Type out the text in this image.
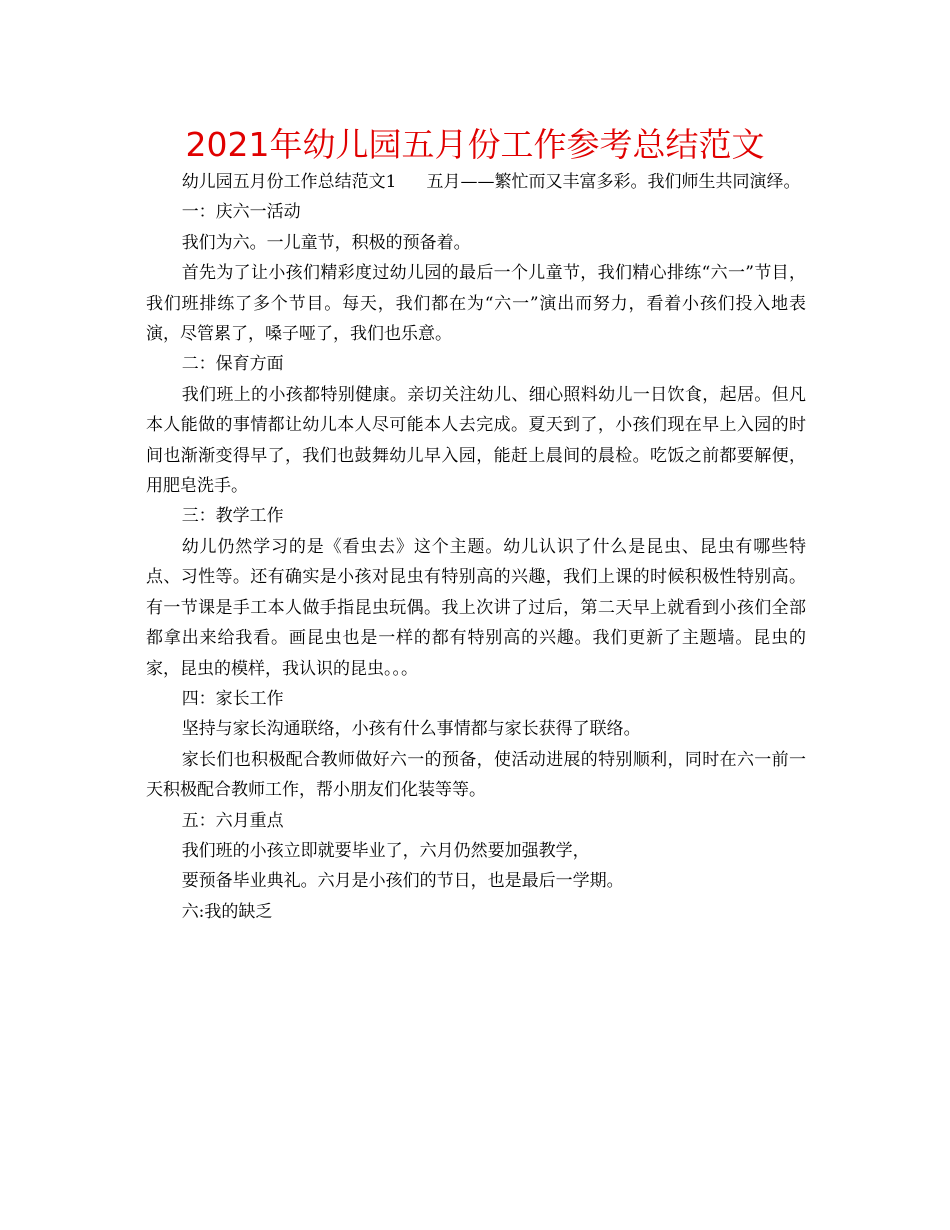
2021年幼儿园五月份工作参考总结范文

幼儿园五月份工作总结范文1 五月——繁忙而又丰富多彩。我们师生共同演绎。

一：庆六一活动

我们为六。一儿童节，积极的预备着。

首先为了让小孩们精彩度过幼儿园的最后一个儿童节，我们精心排练“六一”节目，我们班排练了多个节目。每天，我们都在为“六一”演出而努力，看着小孩们投入地表演，尽管累了，嗓子哑了，我们也乐意。

二：保育方面

我们班上的小孩都特别健康。亲切关注幼儿、细心照料幼儿一日饮食，起居。但凡本人能做的事情都让幼儿本人尽可能本人去完成。夏天到了，小孩们现在早上入园的时间也渐渐变得早了，我们也鼓舞幼儿早入园，能赶上晨间的晨检。吃饭之前都要解便，用肥皂洗手。

三：教学工作

幼儿仍然学习的是《看虫去》这个主题。幼儿认识了什么是昆虫、昆虫有哪些特点、习性等。还有确实是小孩对昆虫有特别高的兴趣，我们上课的时候积极性特别高。有一节课是手工本人做手指昆虫玩偶。我上次讲了过后，第二天早上就看到小孩们全部都拿出来给我看。画昆虫也是一样的都有特别高的兴趣。我们更新了主题墙。昆虫的家，昆虫的模样，我认识的昆虫。。。

四：家长工作

坚持与家长沟通联络，小孩有什么事情都与家长获得了联络。

家长们也积极配合教师做好六一的预备，使活动进展的特别顺利，同时在六一前一天积极配合教师工作，帮小朋友们化装等等。

五：六月重点

我们班的小孩立即就要毕业了，六月仍然要加强教学，

要预备毕业典礼。六月是小孩们的节日，也是最后一学期。

六:我的缺乏
